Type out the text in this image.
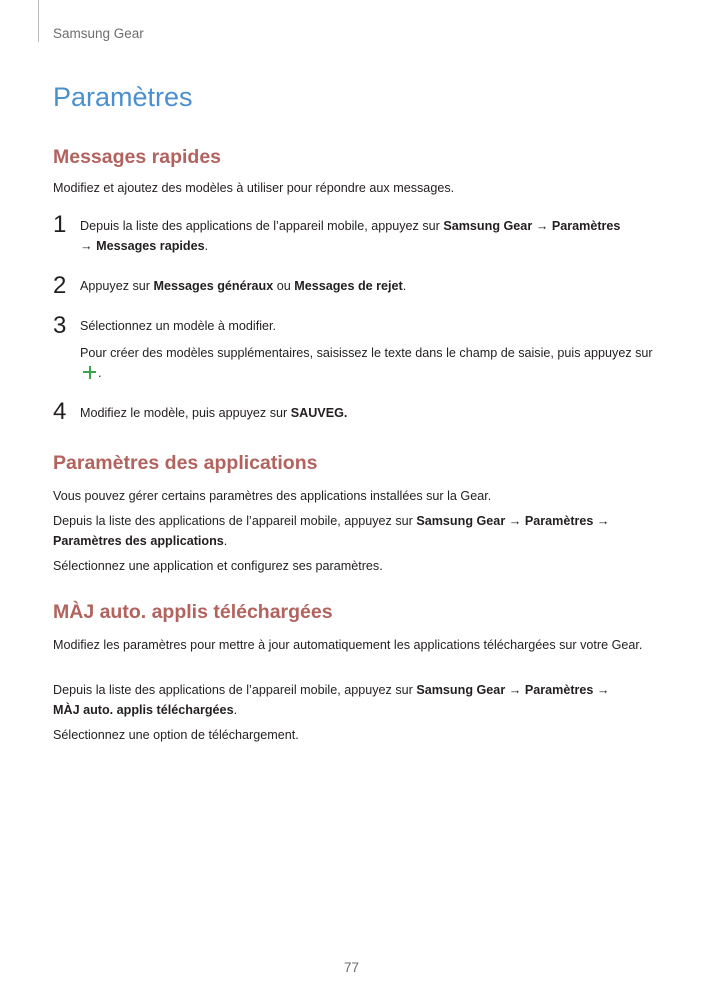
Samsung Gear
Paramètres
Messages rapides

Modifiez et ajoutez des modèles à utiliser pour répondre aux messages.

1 Depuis la liste des applications de l’appareil mobile, appuyez sur Samsung Gear → Paramètres
→ Messages rapides.

2 Appuyez sur Messages généraux ou Messages de rejet.

3 Sélectionnez un modèle à modifier.

Pour créer des modèles supplémentaires, saisissez le texte dans le champ de saisie, puis appuyez sur.

4 Modifiez le modèle, puis appuyez sur SAUVEG.

Paramètres des applications

Vous pouvez gérer certains paramètres des applications installées sur la Gear.

Depuis la liste des applications de l’appareil mobile, appuyez sur Samsung Gear → Paramètres →
Paramètres des applications.

Sélectionnez une application et configurez ses paramètres.

MÀJ auto. applis téléchargées

Modifiez les paramètres pour mettre à jour automatiquement les applications téléchargées sur votre Gear.

Depuis la liste des applications de l’appareil mobile, appuyez sur Samsung Gear → Paramètres →
MÀJ auto. applis téléchargées.

Sélectionnez une option de téléchargement.

77
